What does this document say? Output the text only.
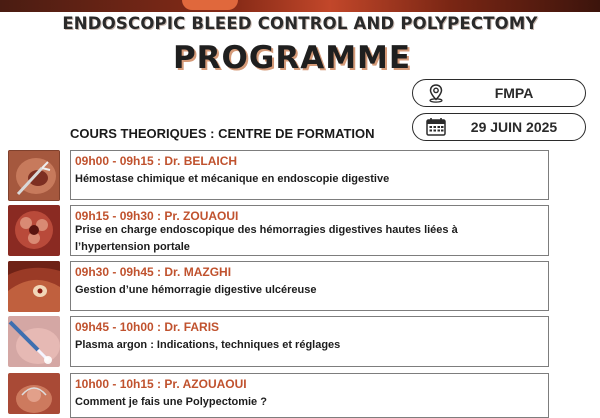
ENDOSCOPIC BLEED CONTROL AND POLYPECTOMY
PROGRAMME
FMPA
29 JUIN 2025
COURS THEORIQUES : CENTRE DE FORMATION
09h00 - 09h15 : Dr. BELAICH
Hémostase chimique et mécanique en endoscopie digestive
09h15 - 09h30 : Pr. ZOUAOUI
Prise en charge endoscopique des hémorragies digestives hautes liées à l’hypertension portale
09h30 - 09h45 : Dr. MAZGHI
Gestion d’une hémorragie digestive ulcéreuse
09h45 - 10h00 : Dr. FARIS
Plasma argon : Indications, techniques et réglages
10h00 - 10h15 : Pr. AZOUAOUI
Comment je fais une Polypectomie ?
